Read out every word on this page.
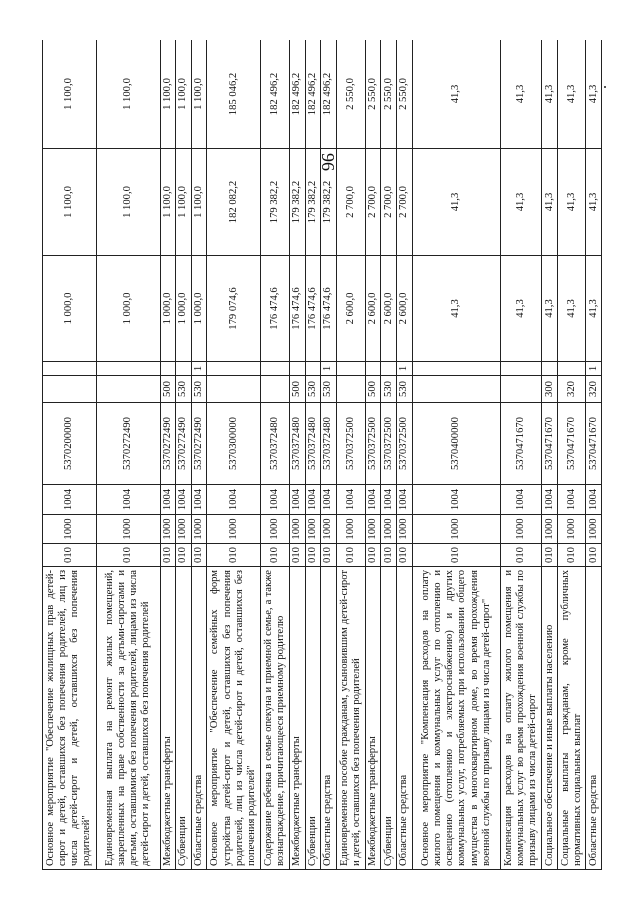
96
Основное мероприятие "Обеспечение жилищных прав детей-сирот и детей, оставшихся без попечения родителей, лиц из числа детей-сирот и детей, оставшихся без попечения родителей"	010	1000	1004	5370200000			1 000,0	1 100,0	1 100,0
Единовременная выплата на ремонт жилых помещений, закрепленных на праве собственности за детьми-сиротами и детьми, оставшимися без попечения родителей, лицами из числа детей-сирот и детей, оставшихся без попечения родителей	010	1000	1004	5370272490			1 000,0	1 100,0	1 100,0
Межбюджетные трансферты	010	1000	1004	5370272490	500		1 000,0	1 100,0	1 100,0
Субвенции	010	1000	1004	5370272490	530		1 000,0	1 100,0	1 100,0
Областные средства	010	1000	1004	5370272490	530	1	1 000,0	1 100,0	1 100,0
Основное мероприятие "Обеспечение семейных форм устройства детей-сирот и детей, оставшихся без попечения родителей, лиц из числа детей-сирот и детей, оставшихся без попечения родителей"	010	1000	1004	5370300000			179 074,6	182 082,2	185 046,2
Содержание ребенка в семье опекуна и приемной семье, а также вознаграждение, причитающееся приемному родителю	010	1000	1004	5370372480			176 474,6	179 382,2	182 496,2
Межбюджетные трансферты	010	1000	1004	5370372480	500		176 474,6	179 382,2	182 496,2
Субвенции	010	1000	1004	5370372480	530		176 474,6	179 382,2	182 496,2
Областные средства	010	1000	1004	5370372480	530	1	176 474,6	179 382,2	182 496,2
Единовременное пособие гражданам, усыновившим детей-сирот и детей, оставшихся без попечения родителей	010	1000	1004	5370372500			2 600,0	2 700,0	2 550,0
Межбюджетные трансферты	010	1000	1004	5370372500	500		2 600,0	2 700,0	2 550,0
Субвенции	010	1000	1004	5370372500	530		2 600,0	2 700,0	2 550,0
Областные средства	010	1000	1004	5370372500	530	1	2 600,0	2 700,0	2 550,0
Основное мероприятие "Компенсация расходов на оплату жилого помещения и коммунальных услуг по отоплению и освещению (отоплению и электроснабжению) и других коммунальных услуг, потребляемых при использовании общего имущества в многоквартирном доме, во время прохождения военной службы по призыву лицами из числа детей-сирот"	010	1000	1004	5370400000			41,3	41,3	41,3
Компенсация расходов на оплату жилого помещения и коммунальных услуг во время прохождения военной службы по призыву лицами из числа детей-сирот	010	1000	1004	5370471670			41,3	41,3	41,3
Социальное обеспечение и иные выплаты населению	010	1000	1004	5370471670	300		41,3	41,3	41,3
Социальные выплаты гражданам, кроме публичных нормативных социальных выплат	010	1000	1004	5370471670	320		41,3	41,3	41,3
Областные средства	010	1000	1004	5370471670	320	1	41,3	41,3	41,3
